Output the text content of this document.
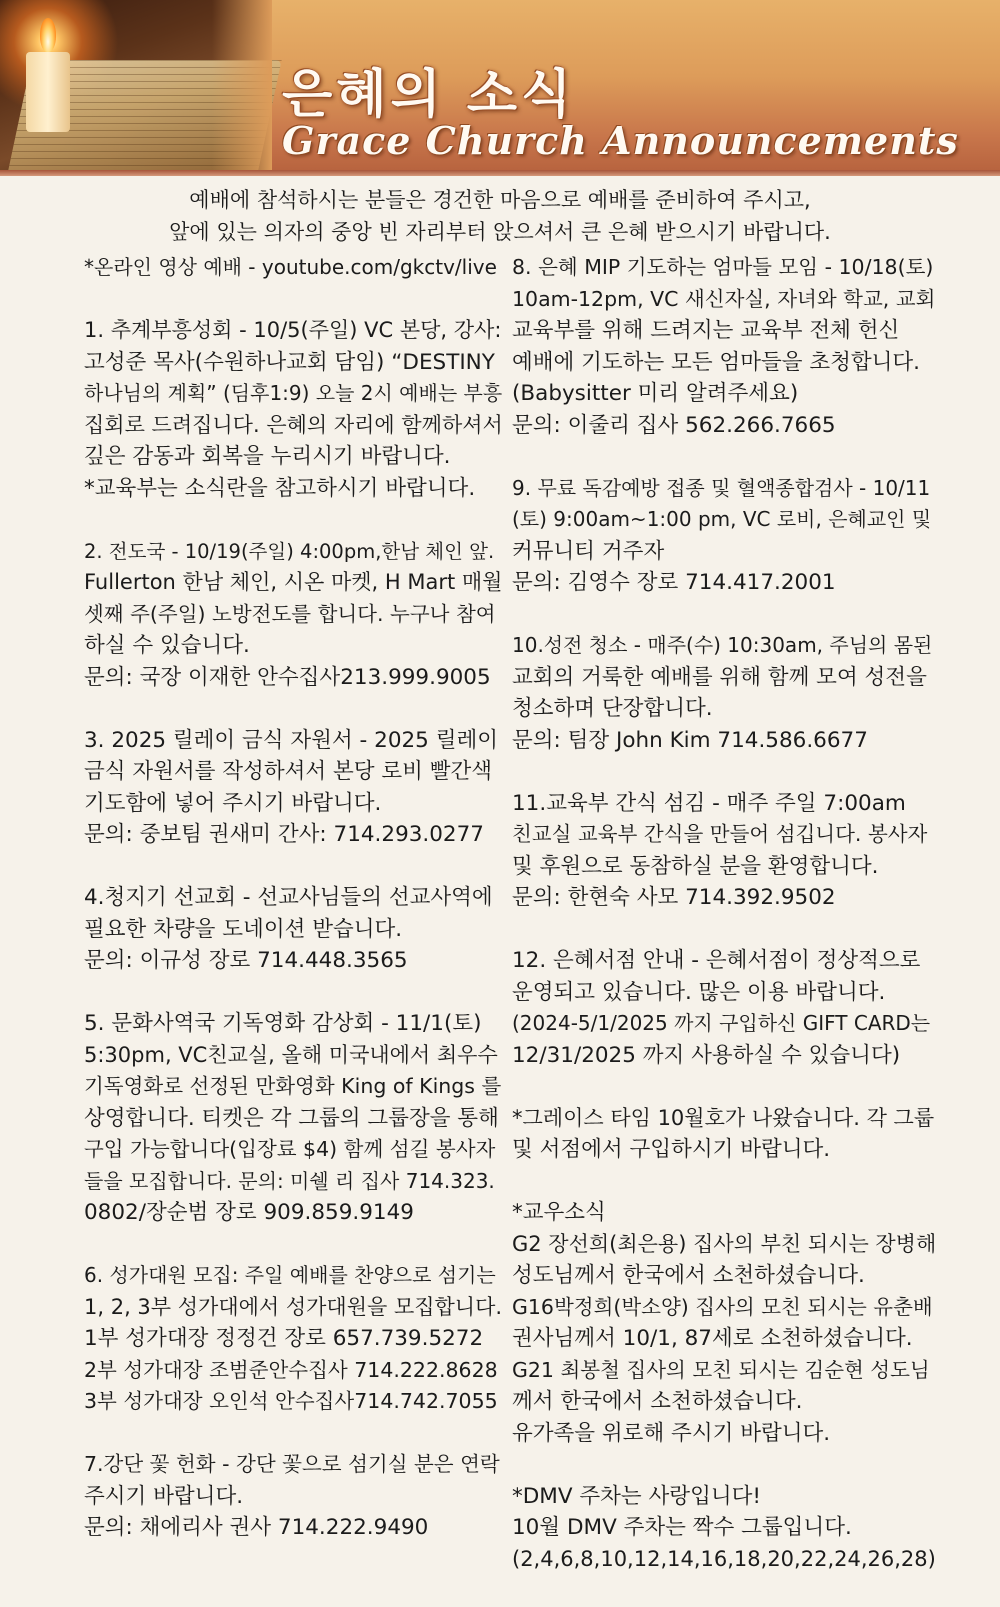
은혜의 소식
Grace Church Announcements
예배에 참석하시는 분들은 경건한 마음으로 예배를 준비하여 주시고,
앞에 있는 의자의 중앙 빈 자리부터 앉으셔서 큰 은혜 받으시기 바랍니다.
*온라인 영상 예배 - youtube.com/gkctv/live
1. 추계부흥성회 - 10/5(주일) VC 본당, 강사:
고성준 목사(수원하나교회 담임) “DESTINY
하나님의 계획” (딤후1:9) 오늘 2시 예배는 부흥
집회로 드려집니다. 은혜의 자리에 함께하셔서
깊은 감동과 회복을 누리시기 바랍니다.
*교육부는 소식란을 참고하시기 바랍니다.
2. 전도국 - 10/19(주일) 4:00pm,한남 체인 앞.
Fullerton 한남 체인, 시온 마켓, H Mart 매월
셋째 주(주일) 노방전도를 합니다. 누구나 참여
하실 수 있습니다.
문의: 국장 이재한 안수집사213.999.9005
3. 2025 릴레이 금식 자원서 - 2025 릴레이
금식 자원서를 작성하셔서 본당 로비 빨간색
기도함에 넣어 주시기 바랍니다.
문의: 중보팀 권새미 간사: 714.293.0277
4.청지기 선교회 - 선교사님들의 선교사역에
필요한 차량을 도네이션 받습니다.
문의: 이규성 장로 714.448.3565
5. 문화사역국 기독영화 감상회 - 11/1(토)
5:30pm, VC친교실, 올해 미국내에서 최우수
기독영화로 선정된 만화영화 King of Kings 를
상영합니다. 티켓은 각 그룹의 그룹장을 통해
구입 가능합니다(입장료 $4) 함께 섬길 봉사자
들을 모집합니다. 문의: 미쉘 리 집사 714.323.
0802/장순범 장로 909.859.9149
6. 성가대원 모집: 주일 예배를 찬양으로 섬기는
1, 2, 3부 성가대에서 성가대원을 모집합니다.
1부 성가대장 정정건 장로 657.739.5272
2부 성가대장 조범준안수집사 714.222.8628
3부 성가대장 오인석 안수집사714.742.7055
7.강단 꽃 헌화 - 강단 꽃으로 섬기실 분은 연락
주시기 바랍니다.
문의: 채에리사 권사 714.222.9490
8. 은혜 MIP 기도하는 엄마들 모임 - 10/18(토)
10am-12pm, VC 새신자실, 자녀와 학교, 교회
교육부를 위해 드려지는 교육부 전체 헌신
예배에 기도하는 모든 엄마들을 초청합니다.
(Babysitter 미리 알려주세요)
문의: 이줄리 집사 562.266.7665
9. 무료 독감예방 접종 및 혈액종합검사 - 10/11
(토) 9:00am~1:00 pm, VC 로비, 은혜교인 및
커뮤니티 거주자
문의: 김영수 장로 714.417.2001
10.성전 청소 - 매주(수) 10:30am, 주님의 몸된
교회의 거룩한 예배를 위해 함께 모여 성전을
청소하며 단장합니다.
문의: 팀장 John Kim 714.586.6677
11.교육부 간식 섬김 - 매주 주일 7:00am
친교실 교육부 간식을 만들어 섬깁니다. 봉사자
및 후원으로 동참하실 분을 환영합니다.
문의: 한현숙 사모 714.392.9502
12. 은혜서점 안내 - 은혜서점이 정상적으로
운영되고 있습니다. 많은 이용 바랍니다.
(2024-5/1/2025 까지 구입하신 GIFT CARD는
12/31/2025 까지 사용하실 수 있습니다)
*그레이스 타임 10월호가 나왔습니다. 각 그룹
및 서점에서 구입하시기 바랍니다.
*교우소식
G2 장선희(최은용) 집사의 부친 되시는 장병해
성도님께서 한국에서 소천하셨습니다.
G16박정희(박소양) 집사의 모친 되시는 유춘배
권사님께서 10/1, 87세로 소천하셨습니다.
G21 최봉철 집사의 모친 되시는 김순현 성도님
께서 한국에서 소천하셨습니다.
유가족을 위로해 주시기 바랍니다.
*DMV 주차는 사랑입니다!
10월 DMV 주차는 짝수 그룹입니다.
(2,4,6,8,10,12,14,16,18,20,22,24,26,28)
